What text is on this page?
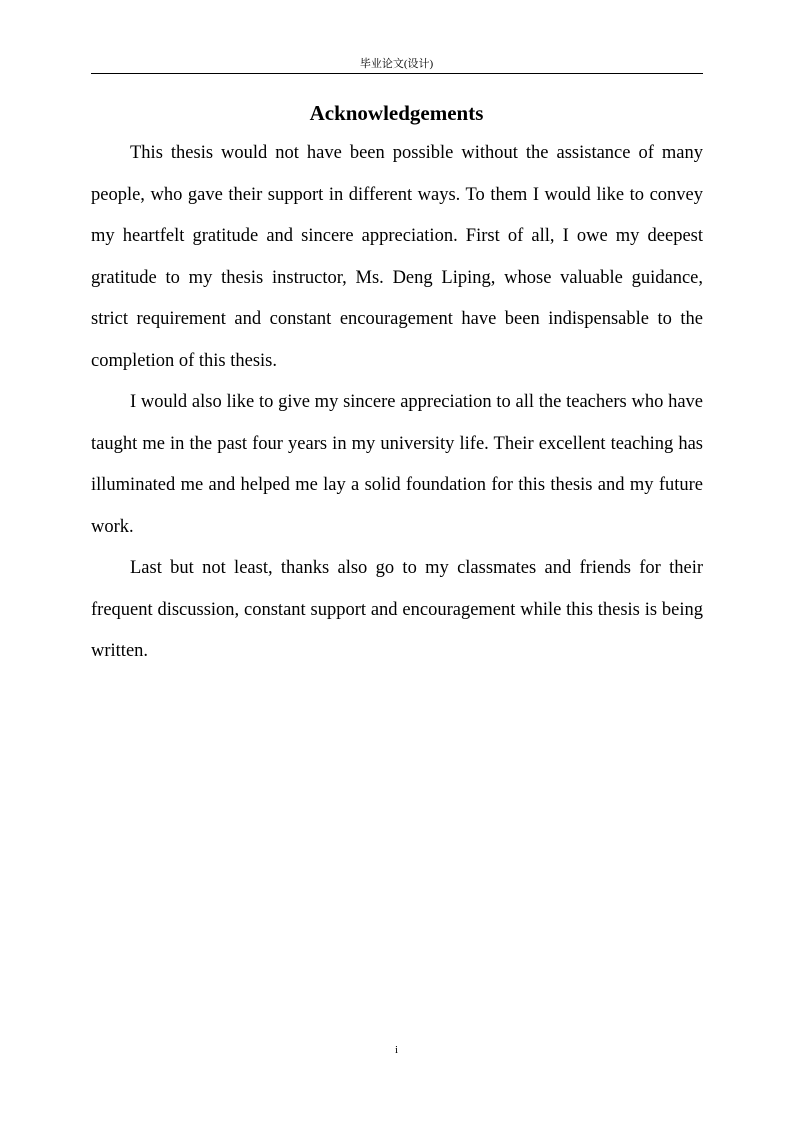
毕业论文(设计)
Acknowledgements

This thesis would not have been possible without the assistance of many people, who gave their support in different ways. To them I would like to convey my heartfelt gratitude and sincere appreciation. First of all, I owe my deepest gratitude to my thesis instructor, Ms. Deng Liping, whose valuable guidance, strict requirement and constant encouragement have been indispensable to the completion of this thesis.

I would also like to give my sincere appreciation to all the teachers who have taught me in the past four years in my university life. Their excellent teaching has illuminated me and helped me lay a solid foundation for this thesis and my future work.

Last but not least, thanks also go to my classmates and friends for their frequent discussion, constant support and encouragement while this thesis is being written.

i
